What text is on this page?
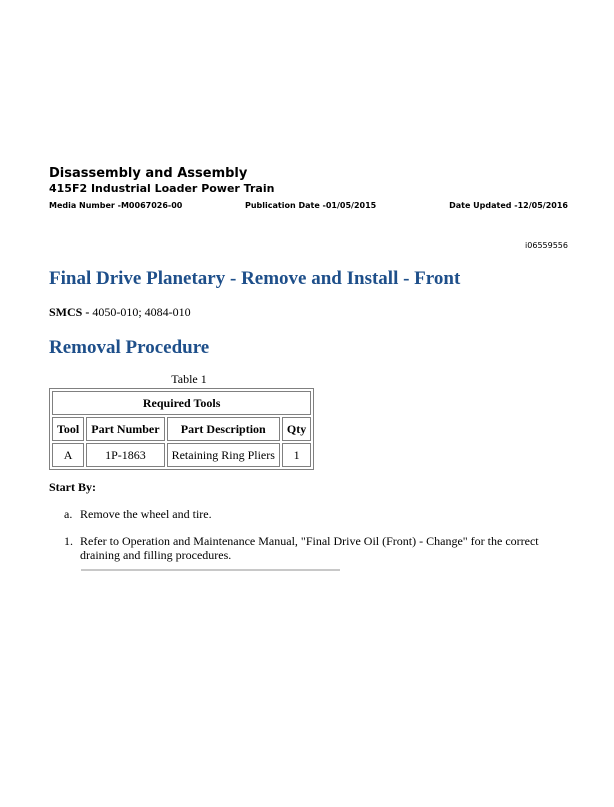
Disassembly and Assembly
415F2 Industrial Loader Power Train
Media Number -M0067026-00	Publication Date -01/05/2015	Date Updated -12/05/2016
i06559556
Final Drive Planetary - Remove and Install - Front
SMCS - 4050-010; 4084-010
Removal Procedure
Table 1
Required Tools			
Tool	Part Number	Part Description	Qty
A	1P-1863	Retaining Ring Pliers	1
Start By:
a. Remove the wheel and tire.
1. Refer to Operation and Maintenance Manual, "Final Drive Oil (Front) - Change" for the correct draining and filling procedures.
